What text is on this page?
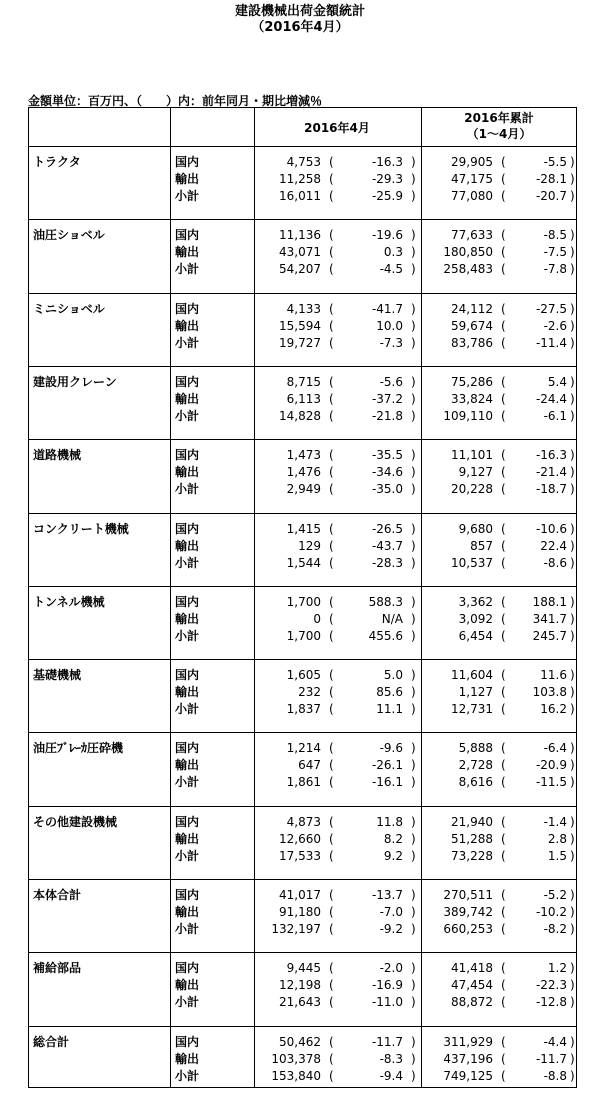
建設機械出荷金額統計
（2016年4月）
金額単位：百万円、（　　）内：前年同月・期比増減％
2016年4月
2016年累計
（1～4月）
トラクタ	国内	4,753 (	-16.3 )	29,905 (	-5.5 )
輸出	11,258 (	-29.3 )	47,175 (	-28.1 )
小計	16,011 (	-25.9 )	77,080 (	-20.7 )
油圧ショベル	国内	11,136 (	-19.6 )	77,633 (	-8.5 )
輸出	43,071 (	0.3 )	180,850 (	-7.5 )
小計	54,207 (	-4.5 )	258,483 (	-7.8 )
ミニショベル	国内	4,133 (	-41.7 )	24,112 (	-27.5 )
輸出	15,594 (	10.0 )	59,674 (	-2.6 )
小計	19,727 (	-7.3 )	83,786 (	-11.4 )
建設用クレーン	国内	8,715 (	-5.6 )	75,286 (	5.4 )
輸出	6,113 (	-37.2 )	33,824 (	-24.4 )
小計	14,828 (	-21.8 )	109,110 (	-6.1 )
道路機械	国内	1,473 (	-35.5 )	11,101 (	-16.3 )
輸出	1,476 (	-34.6 )	9,127 (	-21.4 )
小計	2,949 (	-35.0 )	20,228 (	-18.7 )
コンクリート機械	国内	1,415 (	-26.5 )	9,680 (	-10.6 )
輸出	129 (	-43.7 )	857 (	22.4 )
小計	1,544 (	-28.3 )	10,537 (	-8.6 )
トンネル機械	国内	1,700 (	588.3 )	3,362 (	188.1 )
輸出	0 (	N/A )	3,092 (	341.7 )
小計	1,700 (	455.6 )	6,454 (	245.7 )
基礎機械	国内	1,605 (	5.0 )	11,604 (	11.6 )
輸出	232 (	85.6 )	1,127 (	103.8 )
小計	1,837 (	11.1 )	12,731 (	16.2 )
油圧ﾌﾞﾚｰｶ圧砕機	国内	1,214 (	-9.6 )	5,888 (	-6.4 )
輸出	647 (	-26.1 )	2,728 (	-20.9 )
小計	1,861 (	-16.1 )	8,616 (	-11.5 )
その他建設機械	国内	4,873 (	11.8 )	21,940 (	-1.4 )
輸出	12,660 (	8.2 )	51,288 (	2.8 )
小計	17,533 (	9.2 )	73,228 (	1.5 )
本体合計	国内	41,017 (	-13.7 )	270,511 (	-5.2 )
輸出	91,180 (	-7.0 )	389,742 (	-10.2 )
小計	132,197 (	-9.2 )	660,253 (	-8.2 )
補給部品	国内	9,445 (	-2.0 )	41,418 (	1.2 )
輸出	12,198 (	-16.9 )	47,454 (	-22.3 )
小計	21,643 (	-11.0 )	88,872 (	-12.8 )
総合計	国内	50,462 (	-11.7 )	311,929 (	-4.4 )
輸出	103,378 (	-8.3 )	437,196 (	-11.7 )
小計	153,840 (	-9.4 )	749,125 (	-8.8 )
